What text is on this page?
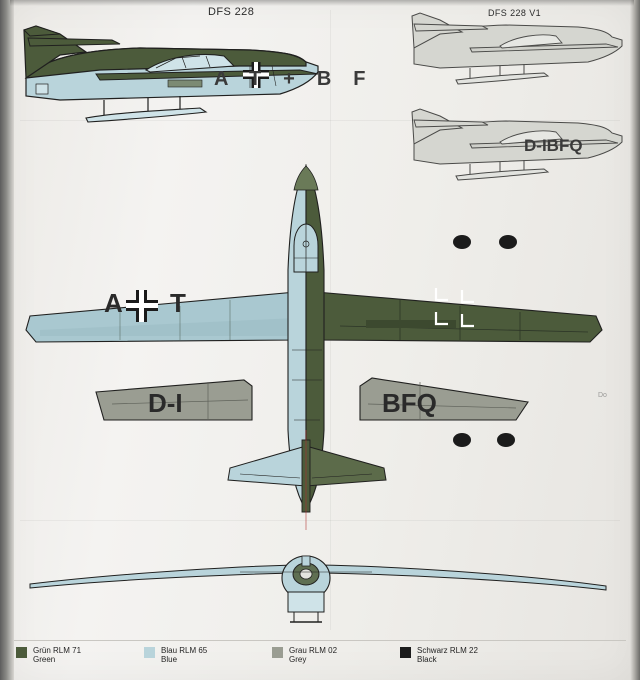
DFS 228	DFS 228 V1
Do
AT+BF
D-IBFQ
A T
D-I	BFQ
Grün RLM 71
Green
Blau RLM 65
Blue
Grau RLM 02
Grey
Schwarz RLM 22
Black
